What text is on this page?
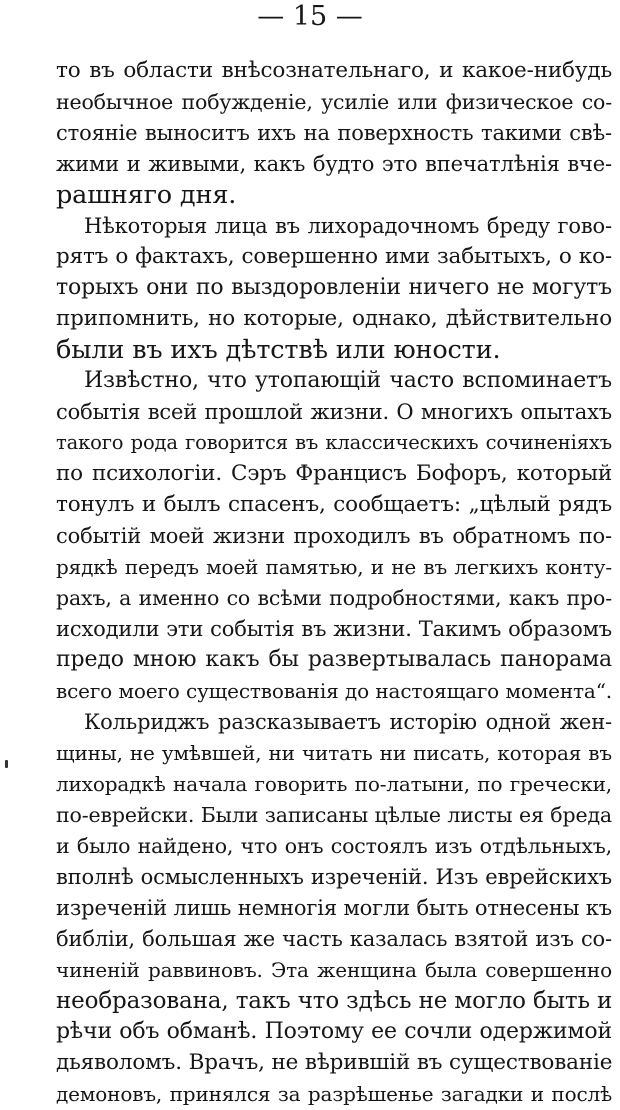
— 15 —

то въ области внѣсознательнаго, и какое-нибудь

необычное побужденіе, усиліе или физическое со-

стояніе выноситъ ихъ на поверхность такими свѣ-

жими и живыми, какъ будто это впечатлѣнія вче-

рашняго дня.

Нѣкоторыя лица въ лихорадочномъ бреду гово-

рятъ о фактахъ, совершенно ими забытыхъ, о ко-

торыхъ они по выздоровленіи ничего не могутъ

припомнить, но которые, однако, дѣйствительно

были въ ихъ дѣтствѣ или юности.

Извѣстно, что утопающій часто вспоминаетъ

событія всей прошлой жизни. О многихъ опытахъ

такого рода говорится въ классическихъ сочиненіяхъ

по психологіи. Сэръ Францисъ Бофоръ, который

тонулъ и былъ спасенъ, сообщаетъ: „цѣлый рядъ

событій моей жизни проходилъ въ обратномъ по-

рядкѣ передъ моей памятью, и не въ легкихъ конту-

рахъ, а именно со всѣми подробностями, какъ про-

исходили эти событія въ жизни. Такимъ образомъ

предо мною какъ бы развертывалась панорама

всего моего существованія до настоящаго момента“.

Кольриджъ разсказываетъ исторію одной жен-

щины, не умѣвшей, ни читать ни писать, которая въ

лихорадкѣ начала говорить по-латыни, по гречески,

по-еврейски. Были записаны цѣлые листы ея бреда

и было найдено, что онъ состоялъ изъ отдѣльныхъ,

вполнѣ осмысленныхъ изреченій. Изъ еврейскихъ

изреченій лишь немногія могли быть отнесены къ

библіи, большая же часть казалась взятой изъ со-

чиненій раввиновъ. Эта женщина была совершенно

необразована, такъ что здѣсь не могло быть и

рѣчи объ обманѣ. Поэтому ее сочли одержимой

дьяволомъ. Врачъ, не вѣрившій въ существованіе

демоновъ, принялся за разрѣшенье загадки и послѣ
